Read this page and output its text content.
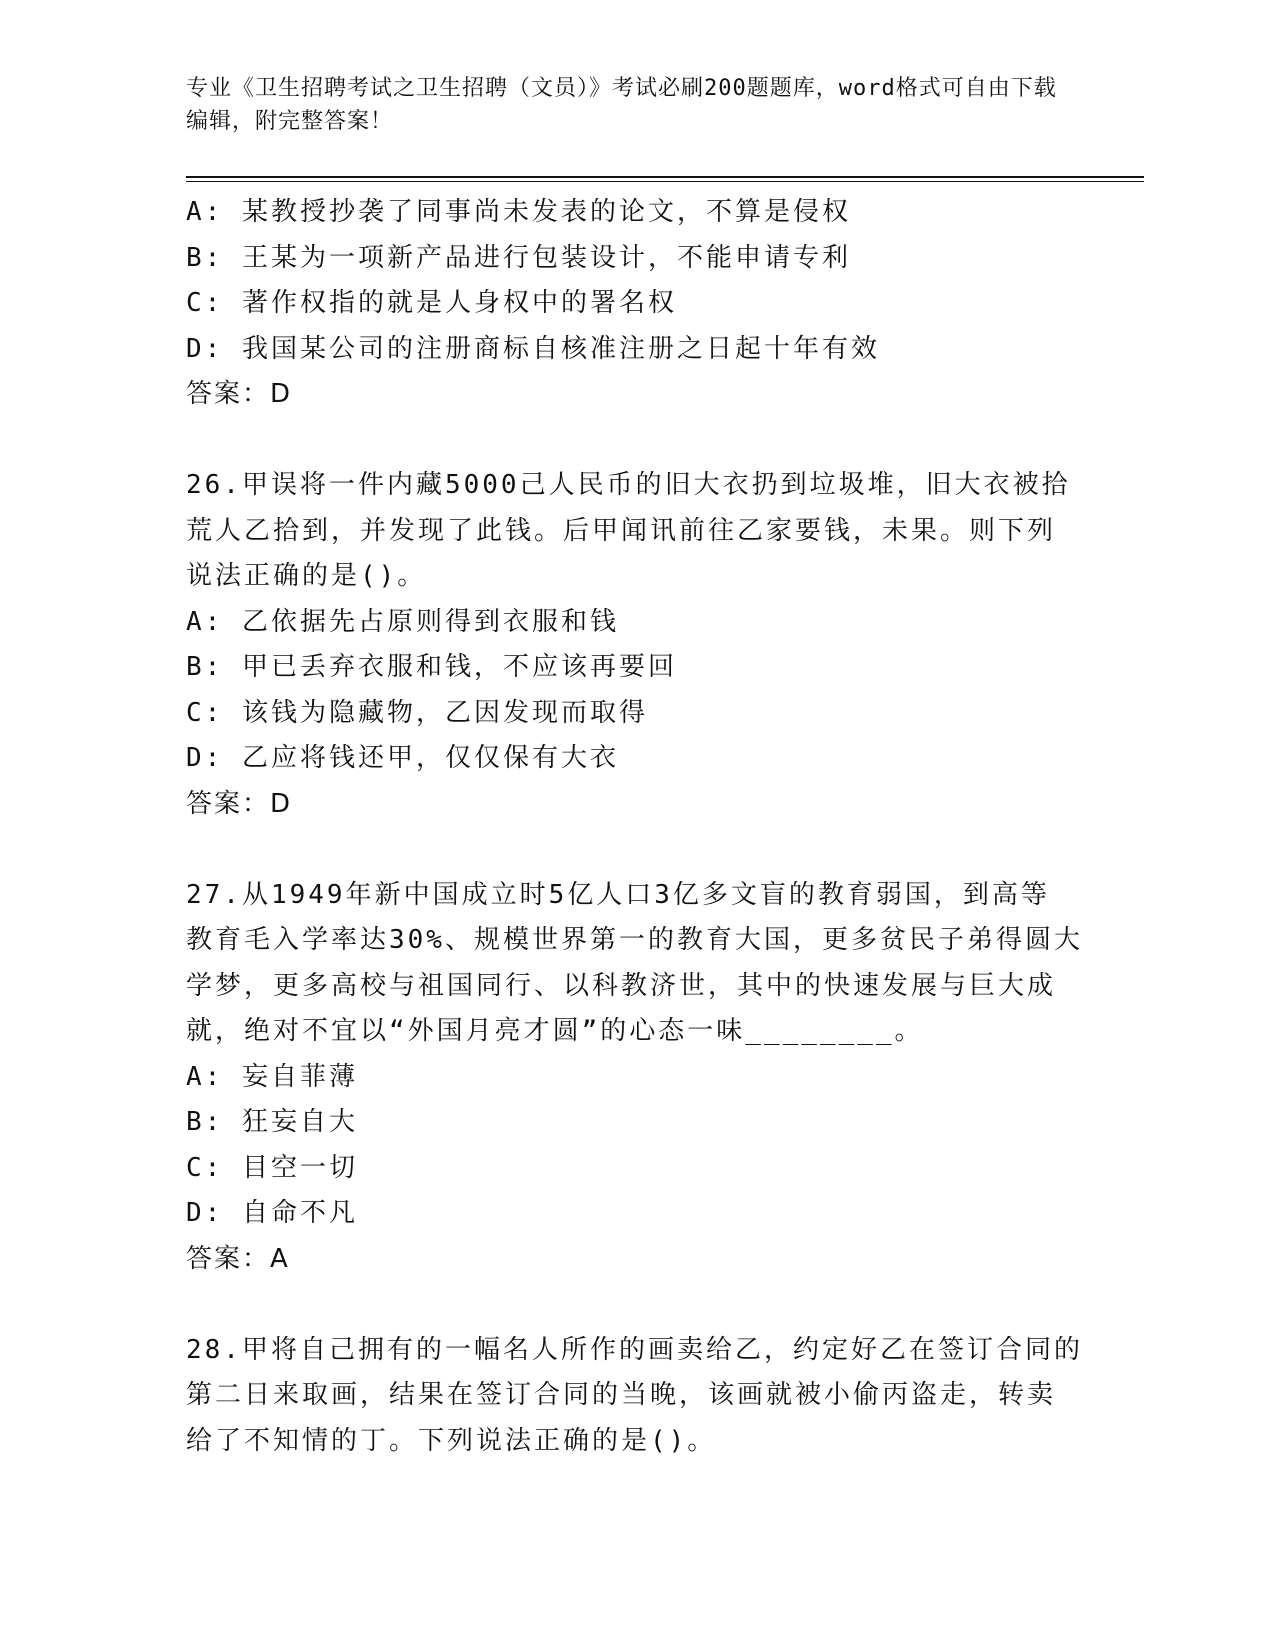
专业《卫生招聘考试之卫生招聘（文员）》考试必刷200题题库，word格式可自由下载编辑，附完整答案！

A: 某教授抄袭了同事尚未发表的论文，不算是侵权

B: 王某为一项新产品进行包装设计，不能申请专利

C: 著作权指的就是人身权中的署名权

D: 我国某公司的注册商标自核准注册之日起十年有效

答案：D

26.甲误将一件内藏5000己人民币的旧大衣扔到垃圾堆，旧大衣被拾

荒人乙拾到，并发现了此钱。后甲闻讯前往乙家要钱，未果。则下列

说法正确的是()。

A: 乙依据先占原则得到衣服和钱

B: 甲已丢弃衣服和钱，不应该再要回

C: 该钱为隐藏物，乙因发现而取得

D: 乙应将钱还甲，仅仅保有大衣

答案：D

27.从1949年新中国成立时5亿人口3亿多文盲的教育弱国，到高等

教育毛入学率达30%、规模世界第一的教育大国，更多贫民子弟得圆大

学梦，更多高校与祖国同行、以科教济世，其中的快速发展与巨大成

就，绝对不宜以“外国月亮才圆”的心态一味________。

A: 妄自菲薄

B: 狂妄自大

C: 目空一切

D: 自命不凡

答案：A

28.甲将自己拥有的一幅名人所作的画卖给乙，约定好乙在签订合同的

第二日来取画，结果在签订合同的当晚，该画就被小偷丙盗走，转卖

给了不知情的丁。下列说法正确的是()。
